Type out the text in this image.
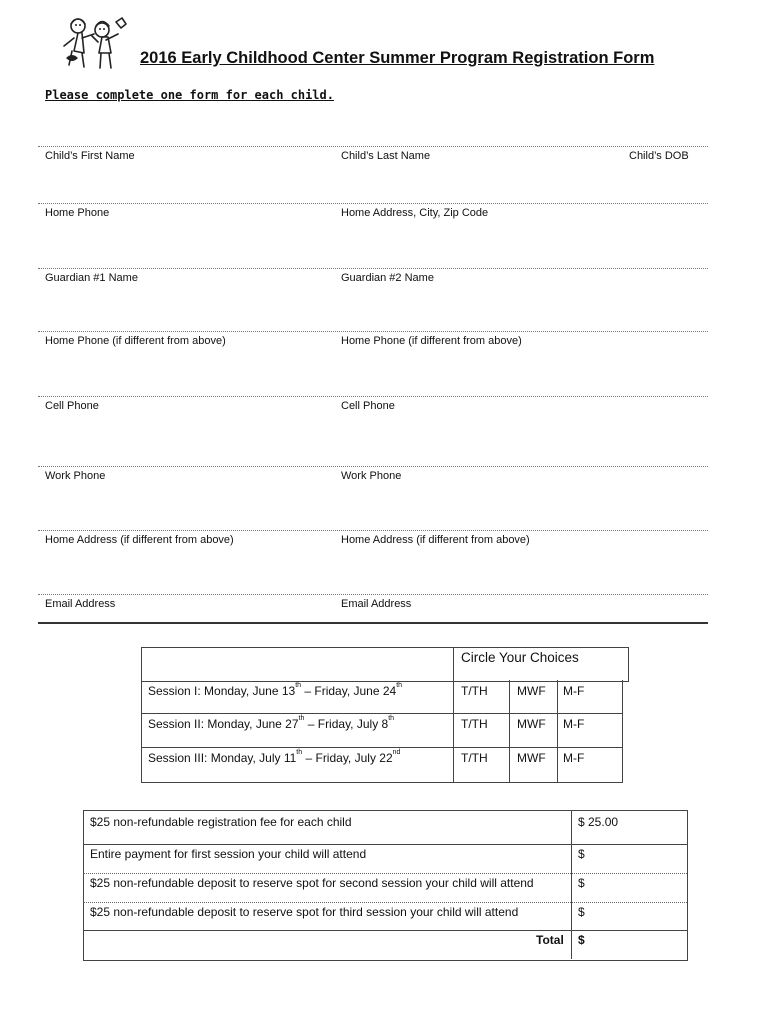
2016 Early Childhood Center Summer Program Registration Form
Please complete one form for each child.
Child’s First Name	Child’s Last Name	Child’s DOB
Home Phone	Home Address, City, Zip Code
Guardian #1 Name	Guardian #2 Name
Home Phone (if different from above)	Home Phone (if different from above)
Cell Phone	Cell Phone
Work Phone	Work Phone
Home Address (if different from above)	Home Address (if different from above)
Email Address	Email Address
Circle Your Choices
Session I: Monday, June 13th – Friday, June 24th	T/TH MWF M-F
Session II: Monday, June 27th – Friday, July 8th	T/TH MWF M-F
Session III: Monday, July 11th – Friday, July 22nd	T/TH MWF M-F
$25 non-refundable registration fee for each child	$ 25.00
Entire payment for first session your child will attend	$
$25 non-refundable deposit to reserve spot for second session your child will attend	$
$25 non-refundable deposit to reserve spot for third session your child will attend	$
Total $
